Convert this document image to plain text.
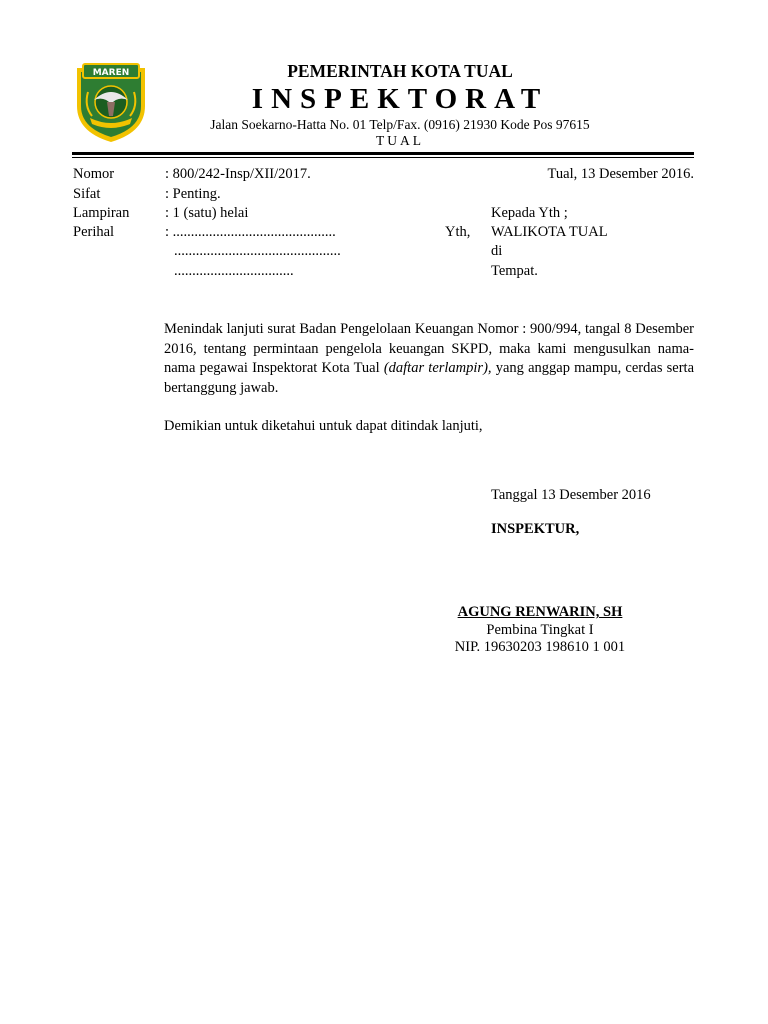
MAREN	PEMERINTAH KOTA TUAL
INSPEKTORAT
Jalan Soekarno-Hatta No. 01 Telp/Fax. (0916) 21930 Kode Pos 97615
TUAL
Nomor	: 800/242-Insp/XII/2017.	Tual, 13 Desember 2016.
Sifat	: Penting.
Lampiran : 1 (satu) helai	Kepada Yth ;
Perihal	: .............................................	Yth, WALIKOTA TUAL
..............................................	di
.................................	Tempat.
Menindak lanjuti surat Badan Pengelolaan Keuangan Nomor : 900/994, tangal 8 Desember 2016, tentang permintaan pengelola keuangan SKPD, maka kami mengusulkan nama-nama pegawai Inspektorat Kota Tual (daftar terlampir), yang anggap mampu, cerdas serta bertanggung jawab.
Demikian untuk diketahui untuk dapat ditindak lanjuti,
Tanggal 13 Desember 2016
INSPEKTUR,
AGUNG RENWARIN, SH
Pembina Tingkat I
NIP. 19630203 198610 1 001
